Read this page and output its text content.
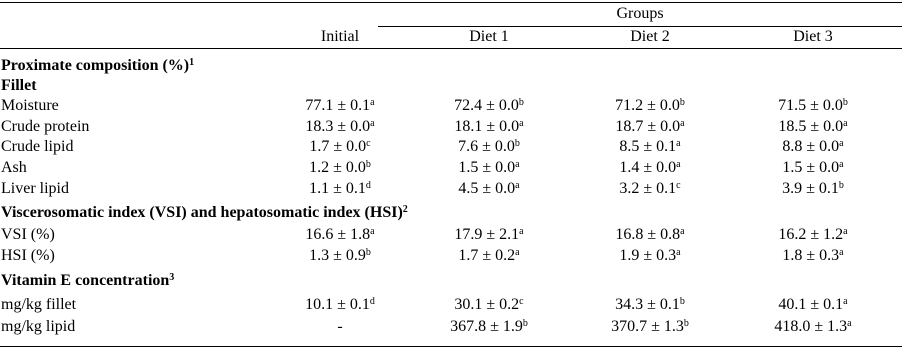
Groups
Initial	Diet 1	Diet 2	Diet 3
Proximate composition (%)$^1$
Fillet
Moisture	77.1 ± 0.1$^a$	72.4 ± 0.0$^b$	71.2 ± 0.0$^b$	71.5 ± 0.0$^b$
Crude protein	18.3 ± 0.0$^a$	18.1 ± 0.0$^a$	18.7 ± 0.0$^a$	18.5 ± 0.0$^a$
Crude lipid	1.7 ± 0.0$^c$	7.6 ± 0.0$^b$	8.5 ± 0.1$^a$	8.8 ± 0.0$^a$
Ash	1.2 ± 0.0$^b$	1.5 ± 0.0$^a$	1.4 ± 0.0$^a$	1.5 ± 0.0$^a$
Liver lipid	1.1 ± 0.1$^d$	4.5 ± 0.0$^a$	3.2 ± 0.1$^c$	3.9 ± 0.1$^b$
Viscerosomatic index (VSI) and hepatosomatic index (HSI)$^2$
VSI (%)	16.6 ± 1.8$^a$	17.9 ± 2.1$^a$	16.8 ± 0.8$^a$	16.2 ± 1.2$^a$
HSI (%)	1.3 ± 0.9$^b$	1.7 ± 0.2$^a$	1.9 ± 0.3$^a$	1.8 ± 0.3$^a$
Vitamin E concentration$^3$
mg/kg fillet	10.1 ± 0.1$^d$	30.1 ± 0.2$^c$	34.3 ± 0.1$^b$	40.1 ± 0.1$^a$
mg/kg lipid	-	367.8 ± 1.9$^b$	370.7 ± 1.3$^b$	418.0 ± 1.3$^a$
